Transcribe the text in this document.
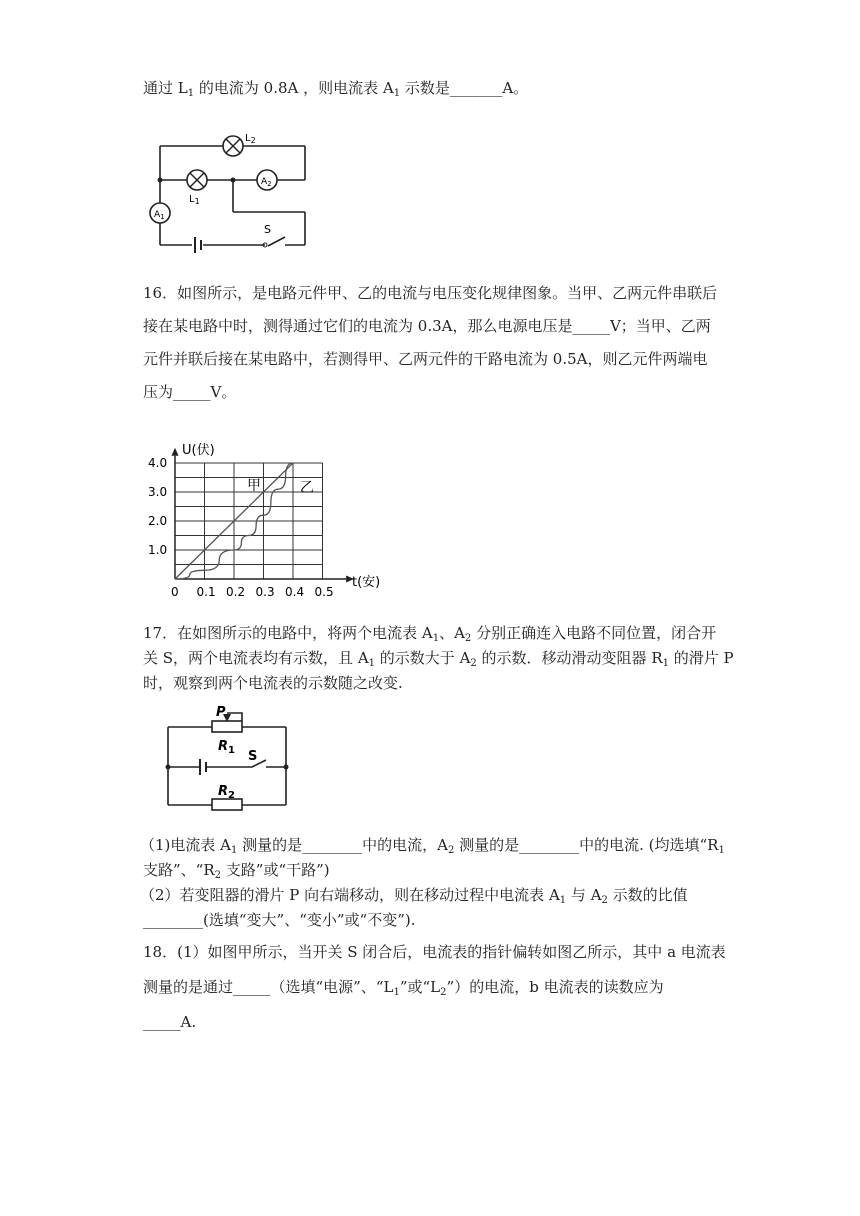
通过 $L_1$ 的电流为 0.8A ，则电流表 $A_1$ 示数是_______A。
$L_2$
$L_1$
$A_2$
$A_1$
S
16．如图所示，是电路元件甲、乙的电流与电压变化规律图象。当甲、乙两元件串联后
接在某电路中时，测得通过它们的电流为 0.3A，那么电源电压是_____V；当甲、乙两
元件并联后接在某电路中，若测得甲、乙两元件的干路电流为 0.5A，则乙元件两端电
压为_____V。
0 0.1 0.2 0.3 0.4 0.5
1.0
2.0
3.0
4.0
U(伏)
t(安)
甲	乙
17．在如图所示的电路中，将两个电流表 $A_1$、$A_2$ 分别正确连入电路不同位置，闭合开
关 S，两个电流表均有示数，且 $A_1$ 的示数大于 $A_2$ 的示数．移动滑动变阻器 $R_1$ 的滑片 P
时，观察到两个电流表的示数随之改变.
P
$R_1$ S
$R_2$
（1)电流表 $A_1$ 测量的是________中的电流，$A_2$ 测量的是________中的电流. (均选填“$R_1$
支路”、“$R_2$ 支路”或“干路”)
（2）若变阻器的滑片 P 向右端移动，则在移动过程中电流表 $A_1$ 与 $A_2$ 示数的比值
________(选填“变大”、“变小”或“不变”).
18．(1）如图甲所示，当开关 S 闭合后，电流表的指针偏转如图乙所示，其中 a 电流表
测量的是通过_____（选填“电源”、“$L_1$”或“$L_2$”）的电流，b 电流表的读数应为
_____A.
